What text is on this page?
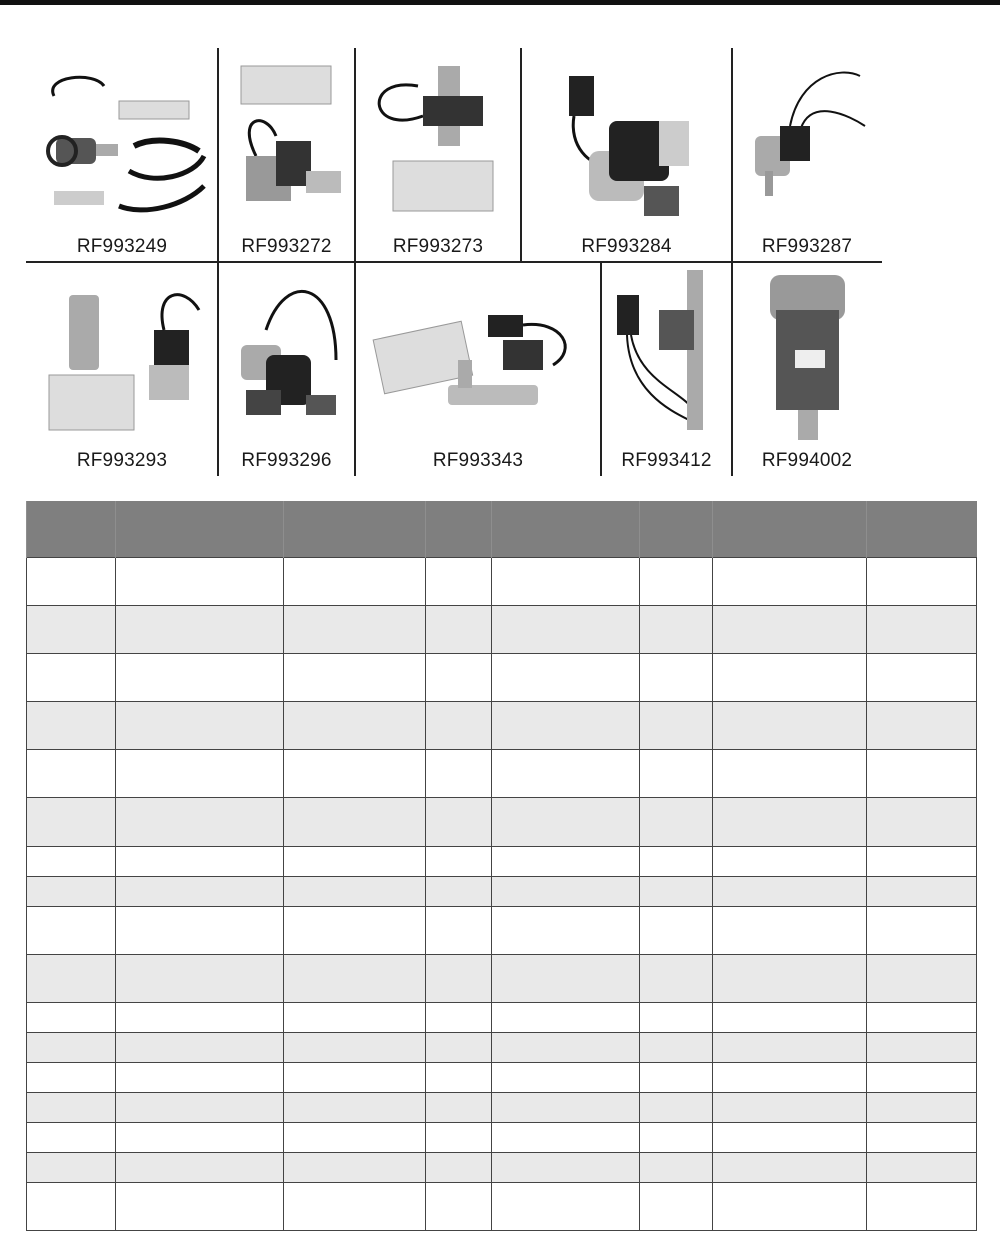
RF993249	RF993272	RF993273	RF993284	RF993287
RF993293	RF993296	RF993343	RF993412	RF994002
